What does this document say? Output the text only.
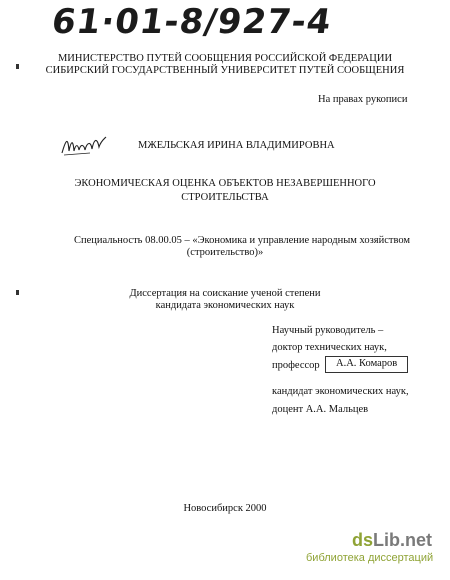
61·01-8/927-4
МИНИСТЕРСТВО ПУТЕЙ СООБЩЕНИЯ РОССИЙСКОЙ ФЕДЕРАЦИИ
СИБИРСКИЙ ГОСУДАРСТВЕННЫЙ УНИВЕРСИТЕТ ПУТЕЙ СООБЩЕНИЯ
На правах рукописи
МЖЕЛЬСКАЯ ИРИНА ВЛАДИМИРОВНА
ЭКОНОМИЧЕСКАЯ ОЦЕНКА ОБЪЕКТОВ НЕЗАВЕРШЕННОГО
СТРОИТЕЛЬСТВА
Специальность 08.00.05 – «Экономика и управление народным хозяйством
(строительство)»
Диссертация на соискание ученой степени
кандидата экономических наук
Научный руководитель –
доктор технических наук,
профессор	А.А. Комаров
кандидат экономических наук,
доцент А.А. Мальцев
Новосибирск 2000
dsLib.net
библиотека диссертаций
